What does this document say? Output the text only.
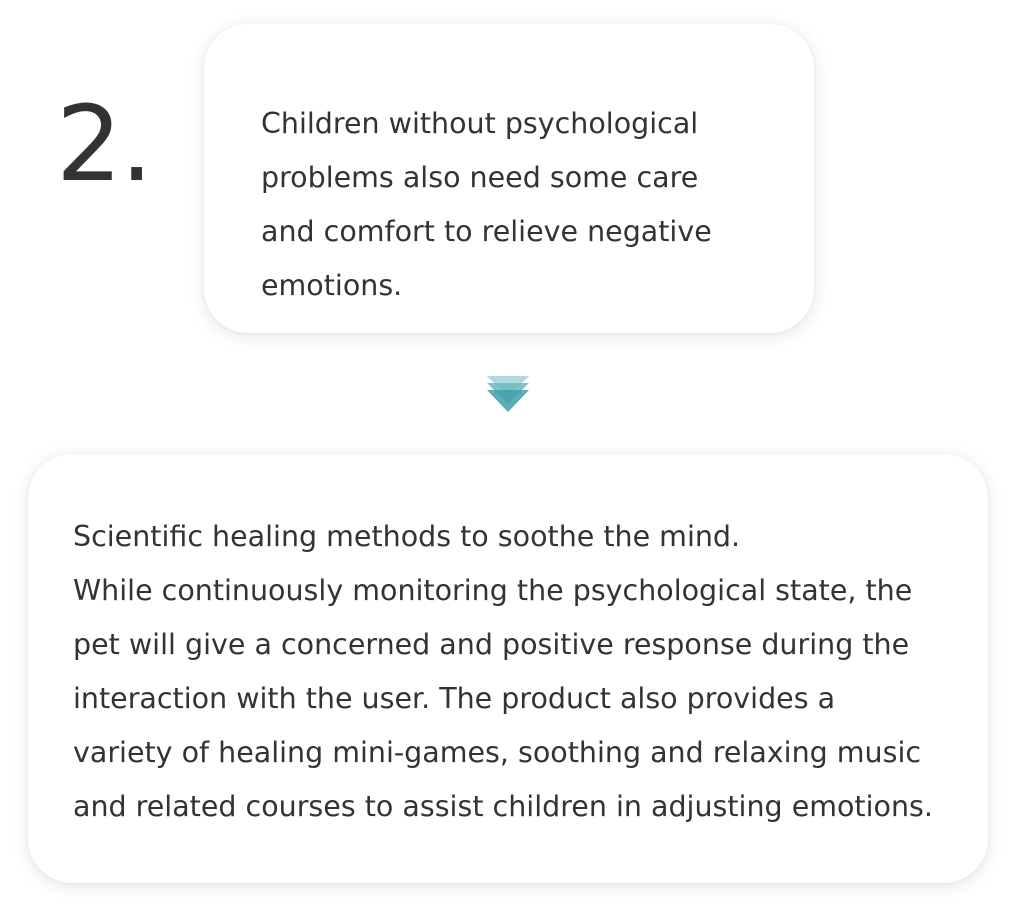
2.	Children without psychological

problems also need some care

and comfort to relieve negative

emotions.

Scientific healing methods to soothe the mind.

While continuously monitoring the psychological state, the

pet will give a concerned and positive response during the

interaction with the user. The product also provides a

variety of healing mini-games, soothing and relaxing music

and related courses to assist children in adjusting emotions.
